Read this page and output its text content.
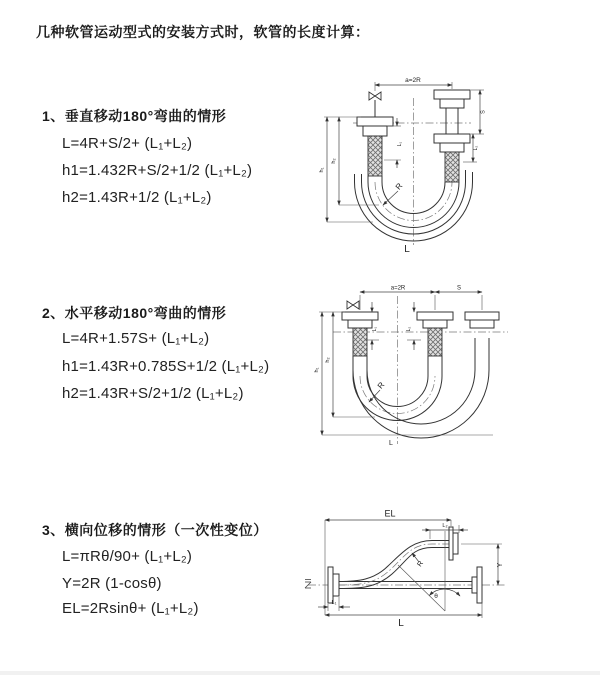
几种软管运动型式的安装方式时，软管的长度计算：
1、垂直移动180°弯曲的情形
L=4R+S/2+ (L₁+L₂)
h1=1.432R+S/2+1/2 (L₁+L₂)
h2=1.43R+1/2 (L₁+L₂)
a=2R
S
L₂
h₁
h₂
L₁
R
L
2、水平移动180°弯曲的情形
L=4R+1.57S+ (L₁+L₂)
h1=1.43R+0.785S+1/2 (L₁+L₂)
h2=1.43R+S/2+1/2 (L₁+L₂)
a=2R	S
L₁	L₂
h₁
h₂
R
L
3、横向位移的情形（一次性变位）
L=πRθ/90+ (L₁+L₂)
Y=2R (1-cosθ)
EL=2Rsinθ+ (L₁+L₂)
EL
L₂
Y
R
θ
L
L₁
